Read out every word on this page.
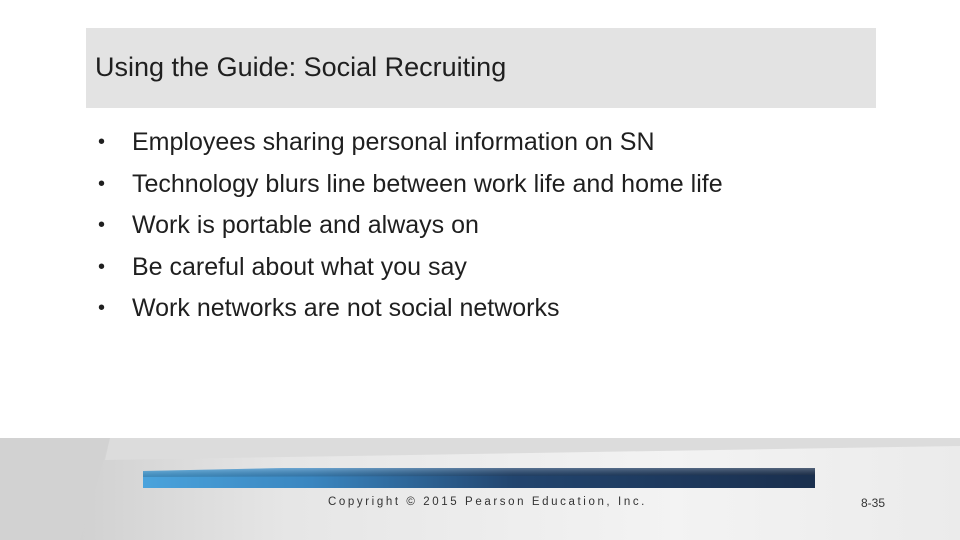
Using the Guide: Social Recruiting
•	Employees sharing personal information on SN
•	Technology blurs line between work life and home life
•	Work is portable and always on
•	Be careful about what you say
•	Work networks are not social networks
Copyright © 2015 Pearson Education, Inc.	8-35
